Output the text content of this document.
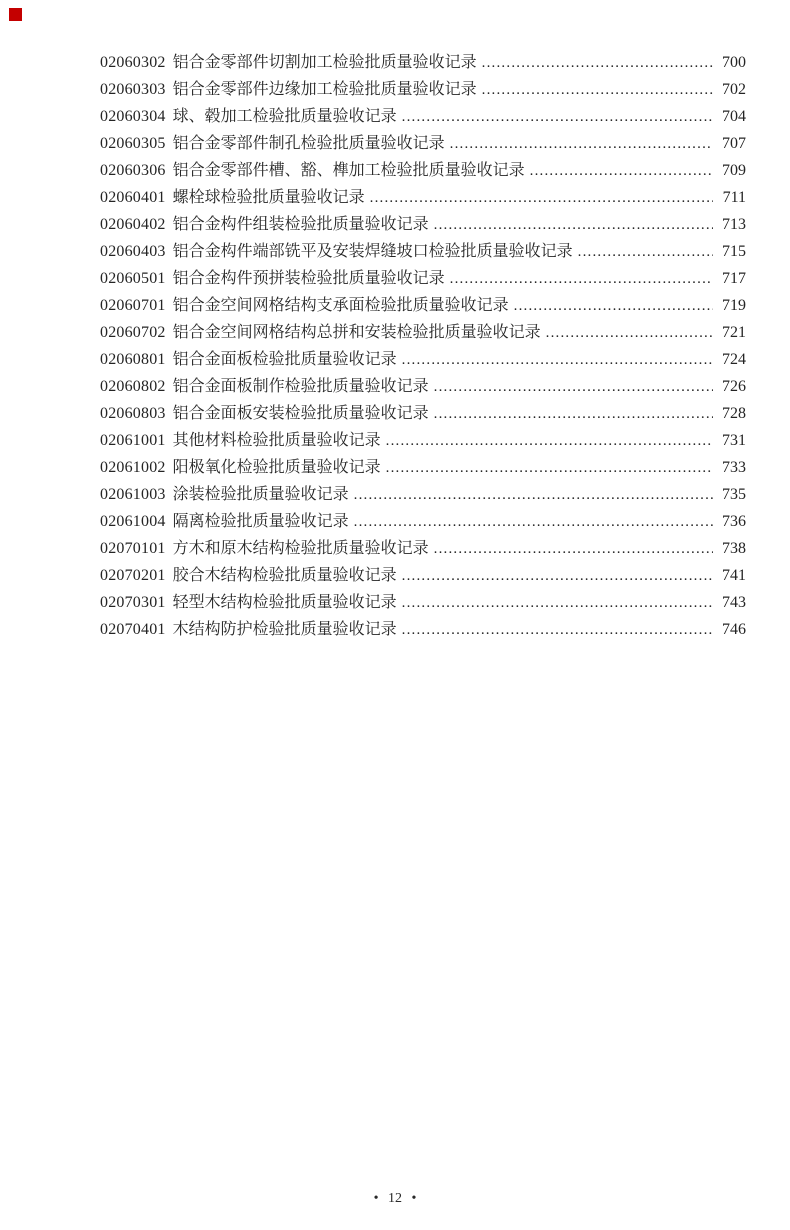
02060302 铝合金零部件切割加工检验批质量验收记录 .....	700
02060303 铝合金零部件边缘加工检验批质量验收记录 .....	702
02060304 球、毂加工检验批质量验收记录 .....	704
02060305 铝合金零部件制孔检验批质量验收记录 .....	707
02060306 铝合金零部件槽、豁、榫加工检验批质量验收记录 .....	709
02060401 螺栓球检验批质量验收记录 .....	711
02060402 铝合金构件组装检验批质量验收记录 .....	713
02060403 铝合金构件端部铣平及安装焊缝坡口检验批质量验收记录 .....	715
02060501 铝合金构件预拼装检验批质量验收记录 .....	717
02060701 铝合金空间网格结构支承面检验批质量验收记录 .....	719
02060702 铝合金空间网格结构总拼和安装检验批质量验收记录 .....	721
02060801 铝合金面板检验批质量验收记录 .....	724
02060802 铝合金面板制作检验批质量验收记录 .....	726
02060803 铝合金面板安装检验批质量验收记录 .....	728
02061001 其他材料检验批质量验收记录 .....	731
02061002 阳极氧化检验批质量验收记录 .....	733
02061003 涂装检验批质量验收记录 .....	735
02061004 隔离检验批质量验收记录 .....	736
02070101 方木和原木结构检验批质量验收记录 .....	738
02070201 胶合木结构检验批质量验收记录 .....	741
02070301 轻型木结构检验批质量验收记录 .....	743
02070401 木结构防护检验批质量验收记录 .....	746
• 12 •
